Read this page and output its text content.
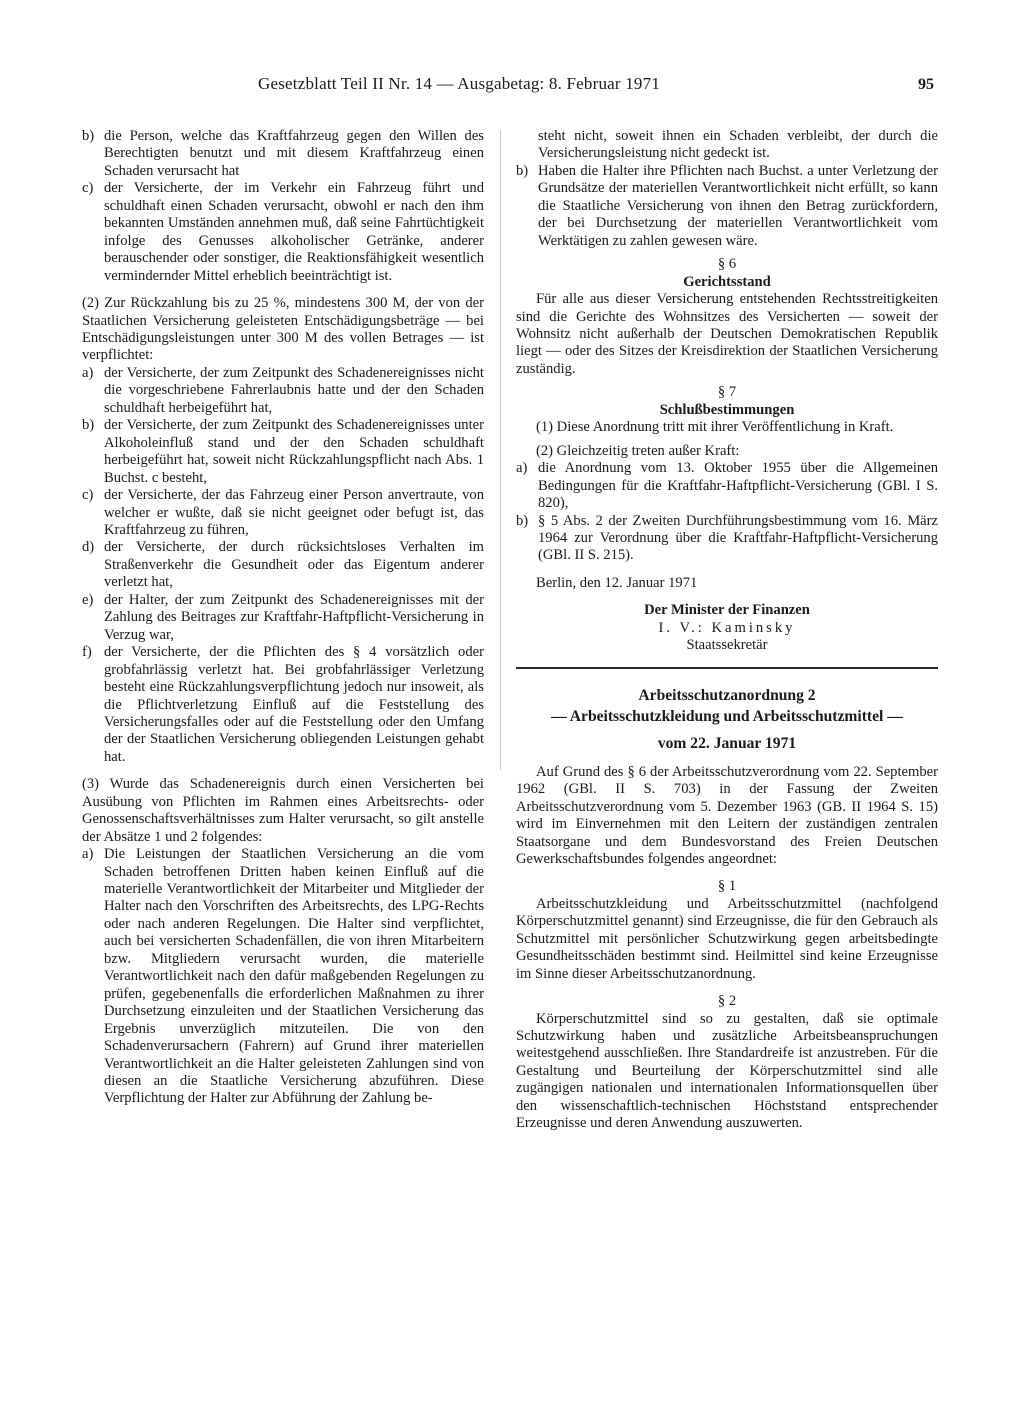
Gesetzblatt Teil II Nr. 14 — Ausgabetag: 8. Februar 1971	95
b) die Person, welche das Kraftfahrzeug gegen den Willen des Berechtigten benutzt und mit diesem Kraftfahrzeug einen Schaden verursacht hat
c) der Versicherte, der im Verkehr ein Fahrzeug führt und schuldhaft einen Schaden verursacht, obwohl er nach den ihm bekannten Umständen annehmen muß, daß seine Fahrtüchtigkeit infolge des Genusses alkoholischer Getränke, anderer berauschender oder sonstiger, die Reaktionsfähigkeit wesentlich vermindernder Mittel erheblich beeinträchtigt ist.

(2) Zur Rückzahlung bis zu 25 %, mindestens 300 M, der von der Staatlichen Versicherung geleisteten Entschädigungsbeträge — bei Entschädigungsleistungen unter 300 M des vollen Betrages — ist verpflichtet:

a) der Versicherte, der zum Zeitpunkt des Schadenereignisses nicht die vorgeschriebene Fahrerlaubnis hatte und der den Schaden schuldhaft herbeigeführt hat,
b) der Versicherte, der zum Zeitpunkt des Schadenereignisses unter Alkoholeinfluß stand und der den Schaden schuldhaft herbeigeführt hat, soweit nicht Rückzahlungspflicht nach Abs. 1 Buchst. c besteht,
c) der Versicherte, der das Fahrzeug einer Person anvertraute, von welcher er wußte, daß sie nicht geeignet oder befugt ist, das Kraftfahrzeug zu führen,
d) der Versicherte, der durch rücksichtsloses Verhalten im Straßenverkehr die Gesundheit oder das Eigentum anderer verletzt hat,
e) der Halter, der zum Zeitpunkt des Schadenereignisses mit der Zahlung des Beitrages zur Kraftfahr-Haftpflicht-Versicherung in Verzug war,
f) der Versicherte, der die Pflichten des § 4 vorsätzlich oder grobfahrlässig verletzt hat. Bei grobfahrlässiger Verletzung besteht eine Rückzahlungsverpflichtung jedoch nur insoweit, als die Pflichtverletzung Einfluß auf die Feststellung des Versicherungsfalles oder auf die Feststellung oder den Umfang der der Staatlichen Versicherung obliegenden Leistungen gehabt hat.

(3) Wurde das Schadenereignis durch einen Versicherten bei Ausübung von Pflichten im Rahmen eines Arbeitsrechts- oder Genossenschaftsverhältnisses zum Halter verursacht, so gilt anstelle der Absätze 1 und 2 folgendes:

a) Die Leistungen der Staatlichen Versicherung an die vom Schaden betroffenen Dritten haben keinen Einfluß auf die materielle Verantwortlichkeit der Mitarbeiter und Mitglieder der Halter nach den Vorschriften des Arbeitsrechts, des LPG-Rechts oder nach anderen Regelungen. Die Halter sind verpflichtet, auch bei versicherten Schadenfällen, die von ihren Mitarbeitern bzw. Mitgliedern verursacht wurden, die materielle Verantwortlichkeit nach den dafür maßgebenden Regelungen zu prüfen, gegebenenfalls die erforderlichen Maßnahmen zu ihrer Durchsetzung einzuleiten und der Staatlichen Versicherung das Ergebnis unverzüglich mitzuteilen. Die von den Schadenverursachern (Fahrern) auf Grund ihrer materiellen Verantwortlichkeit an die Halter geleisteten Zahlungen sind von diesen an die Staatliche Versicherung abzuführen. Diese Verpflichtung der Halter zur Abführung der Zahlung be-
steht nicht, soweit ihnen ein Schaden verbleibt, der durch die Versicherungsleistung nicht gedeckt ist.
b) Haben die Halter ihre Pflichten nach Buchst. a unter Verletzung der Grundsätze der materiellen Verantwortlichkeit nicht erfüllt, so kann die Staatliche Versicherung von ihnen den Betrag zurückfordern, der bei Durchsetzung der materiellen Verantwortlichkeit vom Werktätigen zu zahlen gewesen wäre.

§ 6

Gerichtsstand

Für alle aus dieser Versicherung entstehenden Rechtsstreitigkeiten sind die Gerichte des Wohnsitzes des Versicherten — soweit der Wohnsitz nicht außerhalb der Deutschen Demokratischen Republik liegt — oder des Sitzes der Kreisdirektion der Staatlichen Versicherung zuständig.

§ 7

Schlußbestimmungen

(1) Diese Anordnung tritt mit ihrer Veröffentlichung in Kraft.

(2) Gleichzeitig treten außer Kraft:

a) die Anordnung vom 13. Oktober 1955 über die Allgemeinen Bedingungen für die Kraftfahr-Haftpflicht-Versicherung (GBl. I S. 820),
b) § 5 Abs. 2 der Zweiten Durchführungsbestimmung vom 16. März 1964 zur Verordnung über die Kraftfahr-Haftpflicht-Versicherung (GBl. II S. 215).

Berlin, den 12. Januar 1971

Der Minister der Finanzen

I. V.: Kaminsky

Staatssekretär

Arbeitsschutzanordnung 2

— Arbeitsschutzkleidung und Arbeitsschutzmittel —

vom 22. Januar 1971

Auf Grund des § 6 der Arbeitsschutzverordnung vom 22. September 1962 (GBl. II S. 703) in der Fassung der Zweiten Arbeitsschutzverordnung vom 5. Dezember 1963 (GB. II 1964 S. 15) wird im Einvernehmen mit den Leitern der zuständigen zentralen Staatsorgane und dem Bundesvorstand des Freien Deutschen Gewerkschaftsbundes folgendes angeordnet:

§ 1

Arbeitsschutzkleidung und Arbeitsschutzmittel (nachfolgend Körperschutzmittel genannt) sind Erzeugnisse, die für den Gebrauch als Schutzmittel mit persönlicher Schutzwirkung gegen arbeitsbedingte Gesundheitsschäden bestimmt sind. Heilmittel sind keine Erzeugnisse im Sinne dieser Arbeitsschutzanordnung.

§ 2

Körperschutzmittel sind so zu gestalten, daß sie optimale Schutzwirkung haben und zusätzliche Arbeitsbeanspruchungen weitestgehend ausschließen. Ihre Standardreife ist anzustreben. Für die Gestaltung und Beurteilung der Körperschutzmittel sind alle zugängigen nationalen und internationalen Informationsquellen über den wissenschaftlich-technischen Höchststand entsprechender Erzeugnisse und deren Anwendung auszuwerten.
